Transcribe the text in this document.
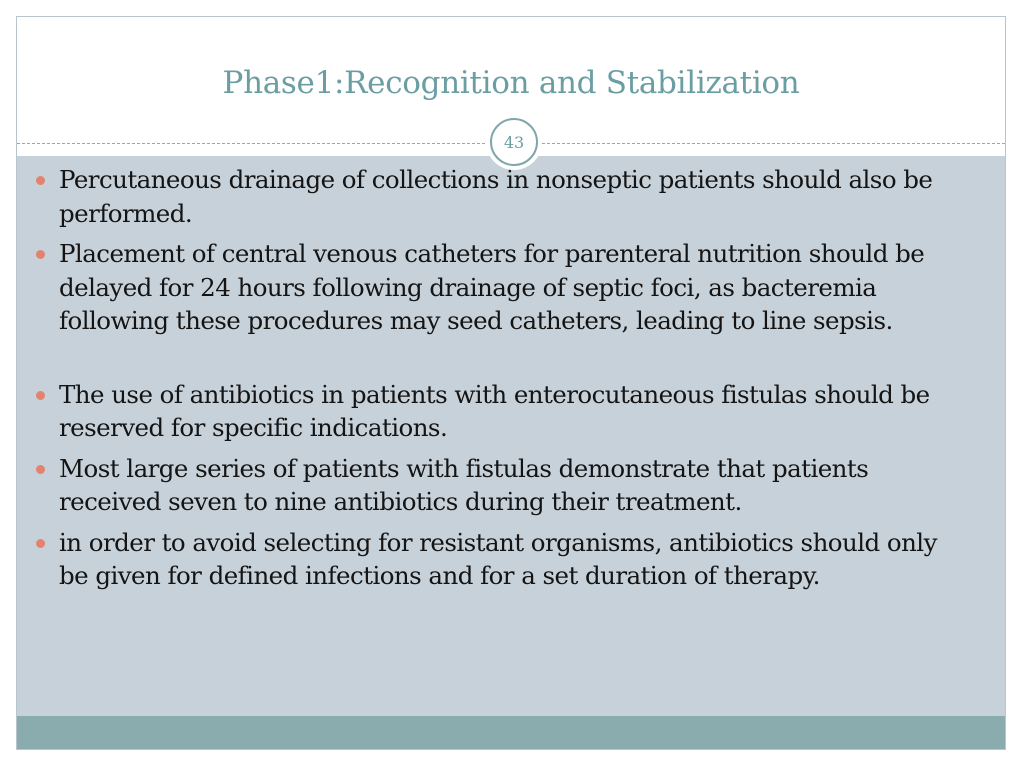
Phase1:Recognition and Stabilization
43
Percutaneous drainage of collections in nonseptic patients should also be performed.
Placement of central venous catheters for parenteral nutrition should be delayed for 24 hours following drainage of septic foci, as bacteremia following these procedures may seed catheters, leading to line sepsis.
The use of antibiotics in patients with enterocutaneous fistulas should be reserved for specific indications.
Most large series of patients with fistulas demonstrate that patients received seven to nine antibiotics during their treatment.
in order to avoid selecting for resistant organisms, antibiotics should only be given for defined infections and for a set duration of therapy.
